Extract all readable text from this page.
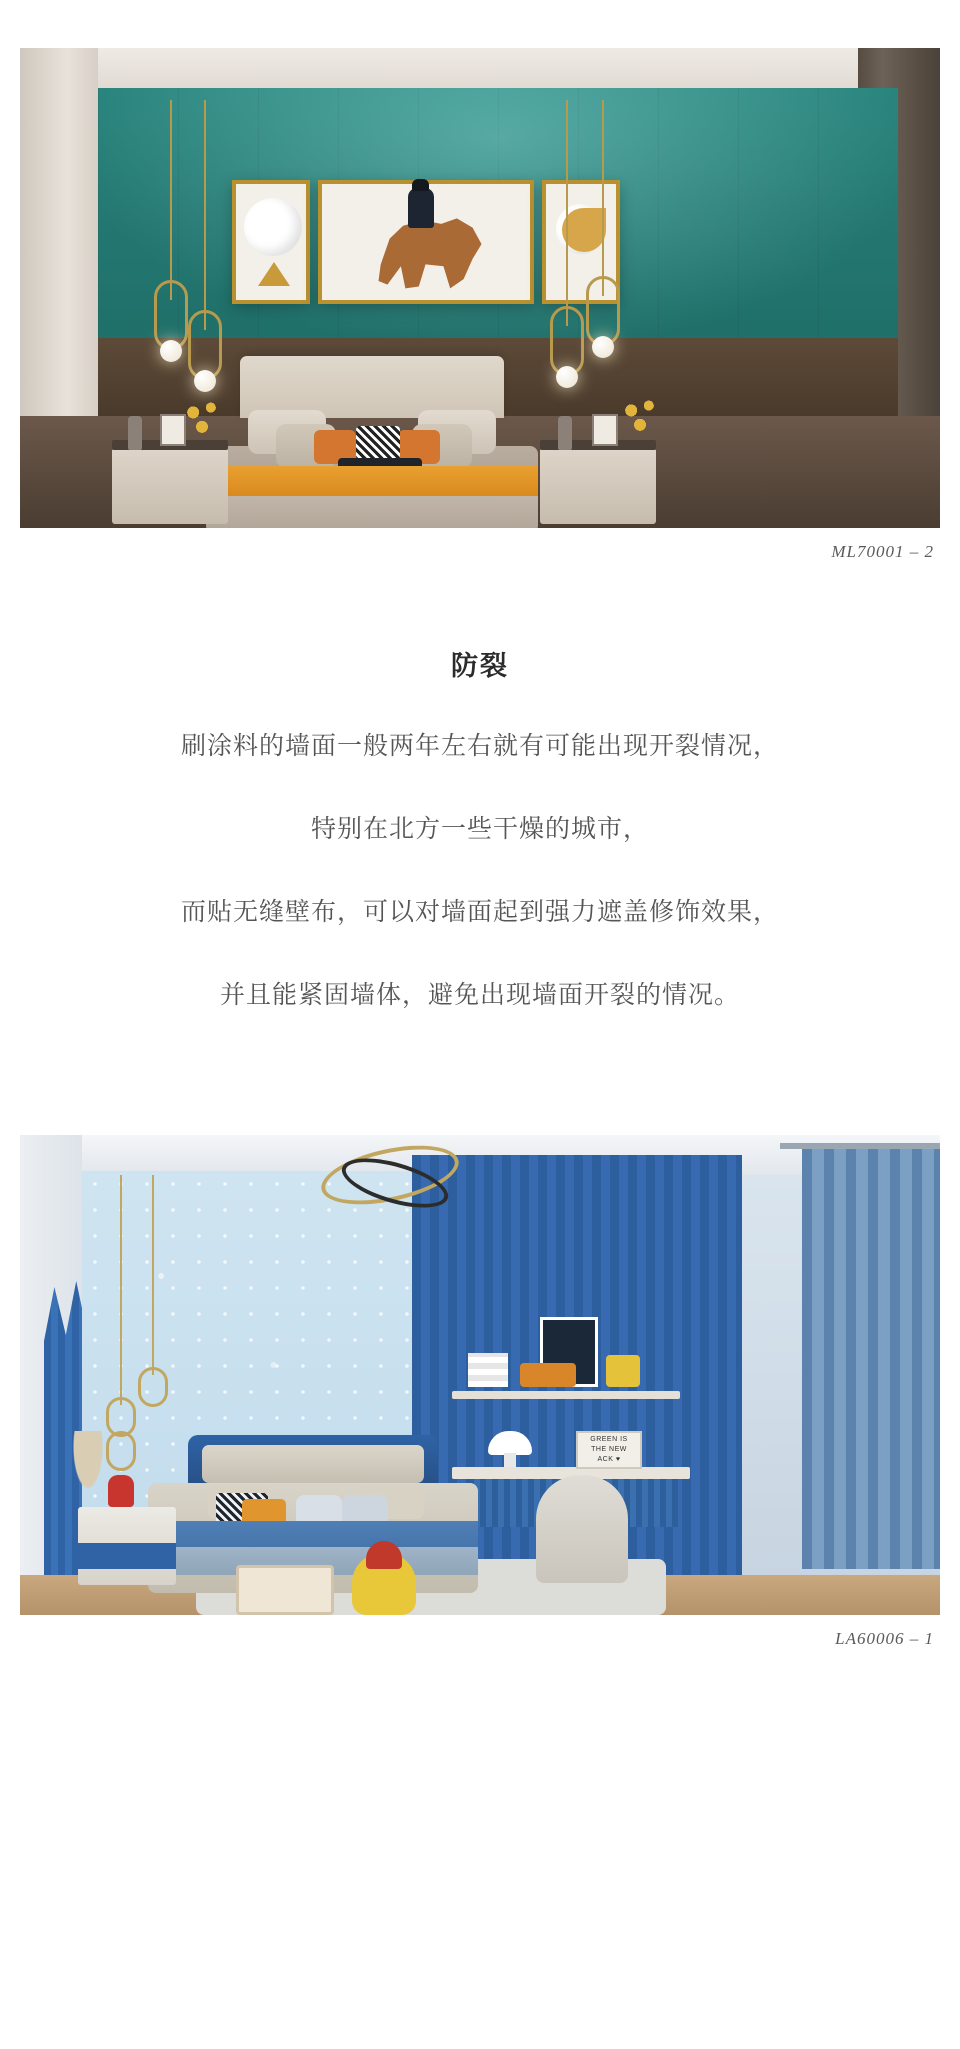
ML70001 – 2
防裂

刷涂料的墙面一般两年左右就有可能出现开裂情况，

特别在北方一些干燥的城市，

而贴无缝壁布，可以对墙面起到强力遮盖修饰效果，

并且能紧固墙体，避免出现墙面开裂的情况。

GREEN IS
THE NEW
ACK ♥
LA60006 – 1
